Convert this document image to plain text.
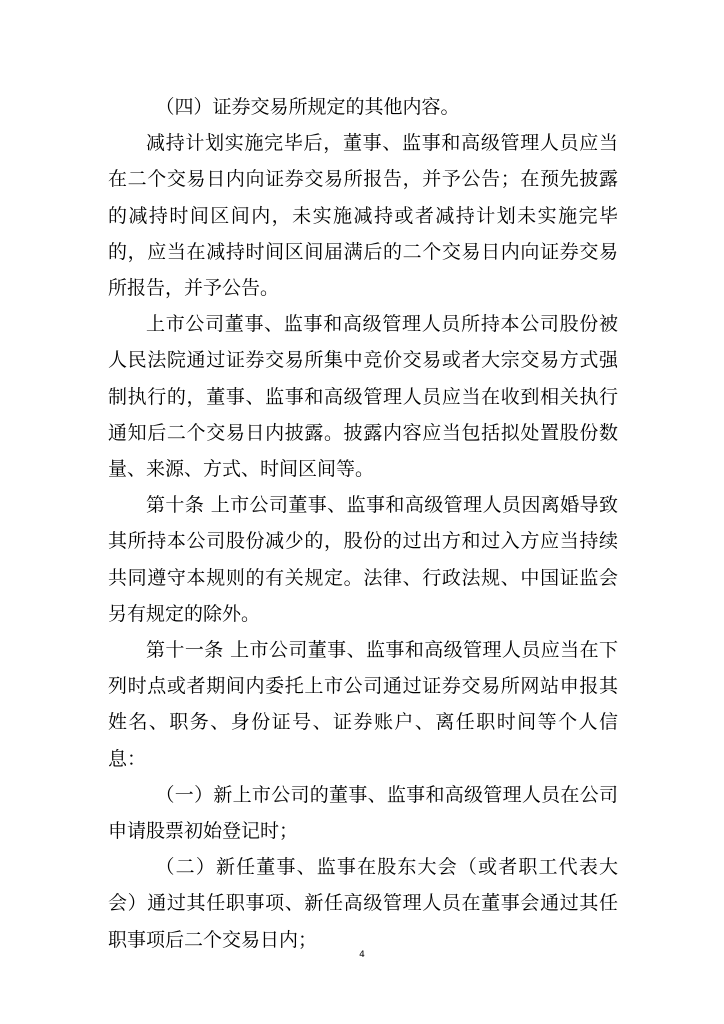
（四）证券交易所规定的其他内容。

减持计划实施完毕后，董事、监事和高级管理人员应当在二个交易日内向证券交易所报告，并予公告；在预先披露的减持时间区间内，未实施减持或者减持计划未实施完毕的，应当在减持时间区间届满后的二个交易日内向证券交易所报告，并予公告。

上市公司董事、监事和高级管理人员所持本公司股份被人民法院通过证券交易所集中竞价交易或者大宗交易方式强制执行的，董事、监事和高级管理人员应当在收到相关执行通知后二个交易日内披露。披露内容应当包括拟处置股份数量、来源、方式、时间区间等。

第十条 上市公司董事、监事和高级管理人员因离婚导致其所持本公司股份减少的，股份的过出方和过入方应当持续共同遵守本规则的有关规定。法律、行政法规、中国证监会另有规定的除外。

第十一条 上市公司董事、监事和高级管理人员应当在下列时点或者期间内委托上市公司通过证券交易所网站申报其姓名、职务、身份证号、证券账户、离任职时间等个人信息：

（一）新上市公司的董事、监事和高级管理人员在公司申请股票初始登记时；

（二）新任董事、监事在股东大会（或者职工代表大会）通过其任职事项、新任高级管理人员在董事会通过其任职事项后二个交易日内；

4
